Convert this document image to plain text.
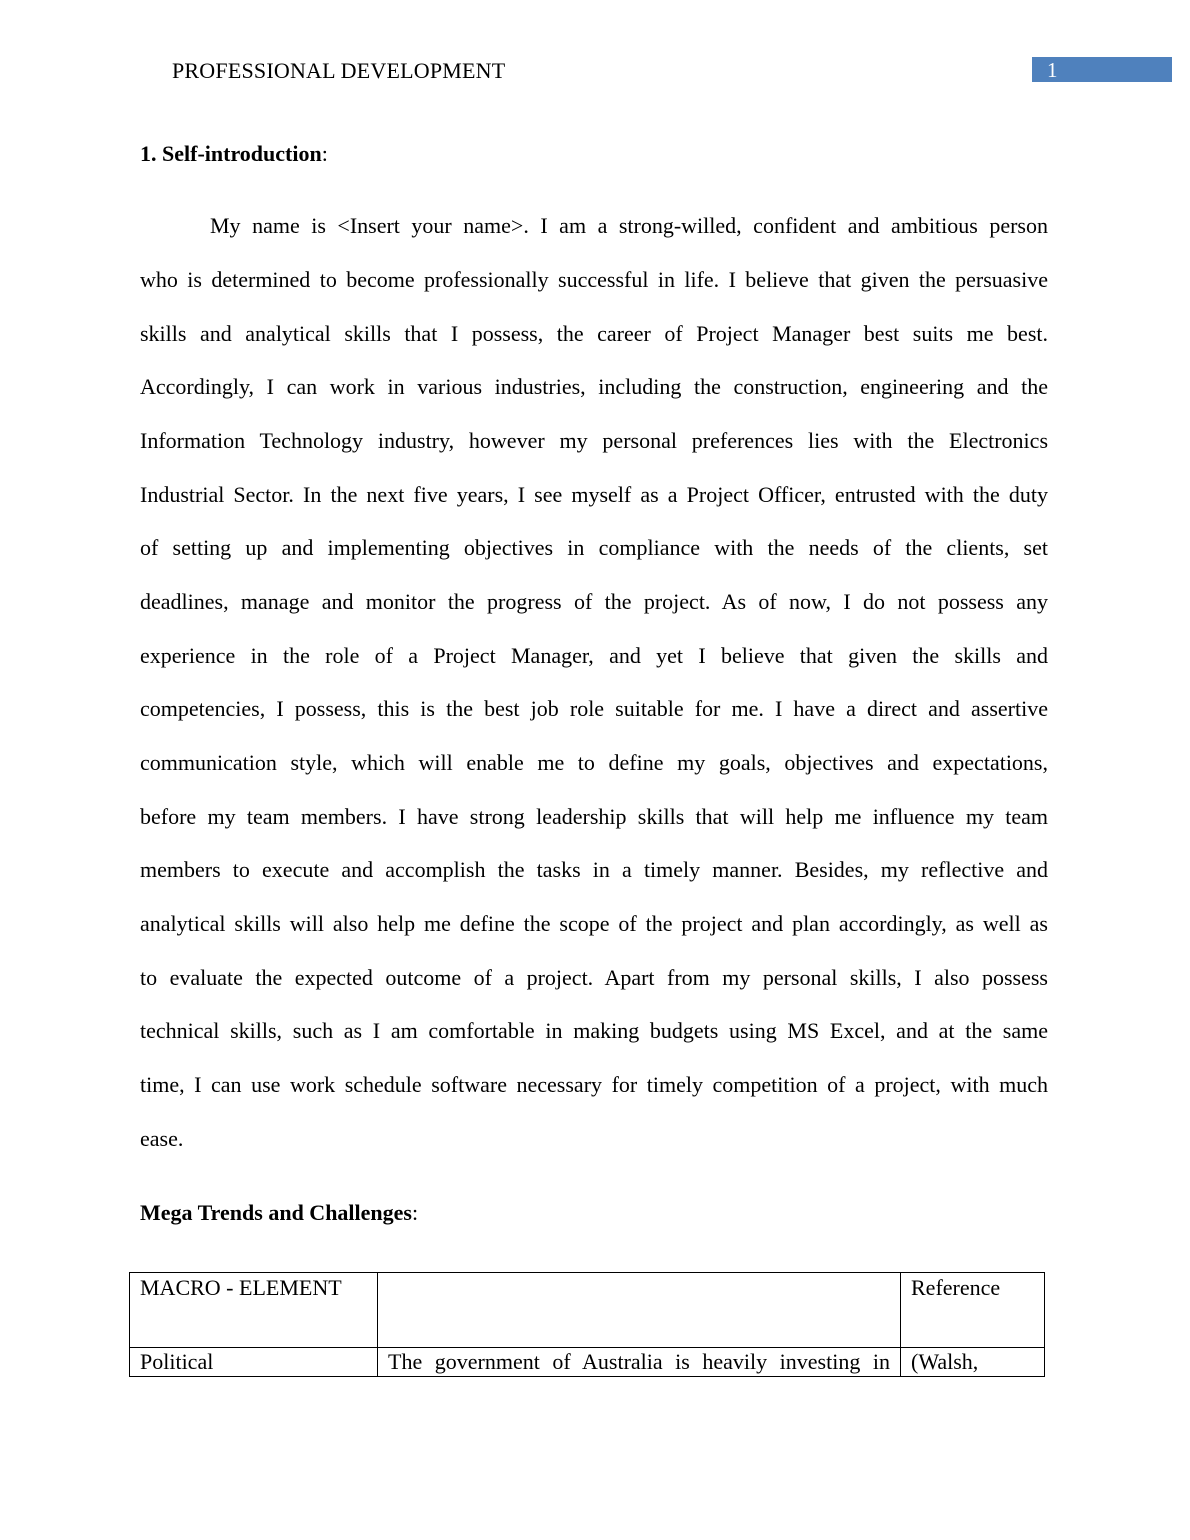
PROFESSIONAL DEVELOPMENT	1
1. Self-introduction:
My name is <Insert your name>. I am a strong-willed, confident and ambitious person
who is determined to become professionally successful in life. I believe that given the persuasive
skills and analytical skills that I possess, the career of Project Manager best suits me best.
Accordingly, I can work in various industries, including the construction, engineering and the
Information Technology industry, however my personal preferences lies with the Electronics
Industrial Sector. In the next five years, I see myself as a Project Officer, entrusted with the duty
of setting up and implementing objectives in compliance with the needs of the clients, set
deadlines, manage and monitor the progress of the project. As of now, I do not possess any
experience in the role of a Project Manager, and yet I believe that given the skills and
competencies, I possess, this is the best job role suitable for me. I have a direct and assertive
communication style, which will enable me to define my goals, objectives and expectations,
before my team members. I have strong leadership skills that will help me influence my team
members to execute and accomplish the tasks in a timely manner. Besides, my reflective and
analytical skills will also help me define the scope of the project and plan accordingly, as well as
to evaluate the expected outcome of a project. Apart from my personal skills, I also possess
technical skills, such as I am comfortable in making budgets using MS Excel, and at the same
time, I can use work schedule software necessary for timely competition of a project, with much
ease.
Mega Trends and Challenges:
MACRO - ELEMENT		Reference
Political	The government of Australia is heavily investing in	(Walsh,
